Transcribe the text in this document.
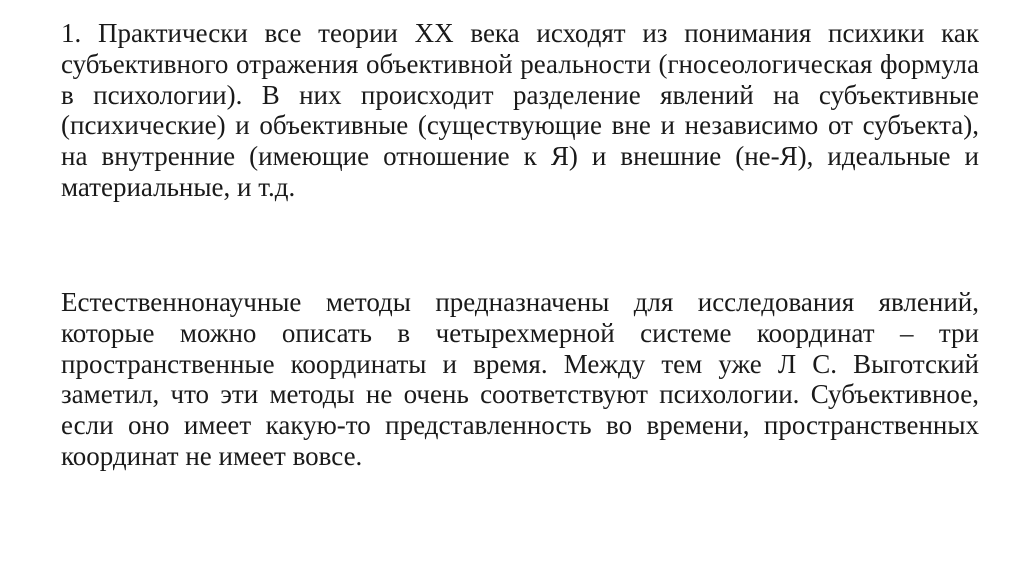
1. Практически все теории XX века исходят из понимания психики как субъективного отражения объективной реальности (гносеологическая формула в психологии). В них происходит разделение явлений на субъективные (психические) и объективные (существующие вне и независимо от субъекта), на внутренние (имеющие отношение к Я) и внешние (не-Я), идеальные и материальные, и т.д.

Естественнонаучные методы предназначены для исследования явлений, которые можно описать в четырехмерной системе координат – три пространственные координаты и время. Между тем уже Л С. Выготский заметил, что эти методы не очень соответствуют психологии. Субъективное, если оно имеет какую-то представленность во времени, пространственных координат не имеет вовсе.
